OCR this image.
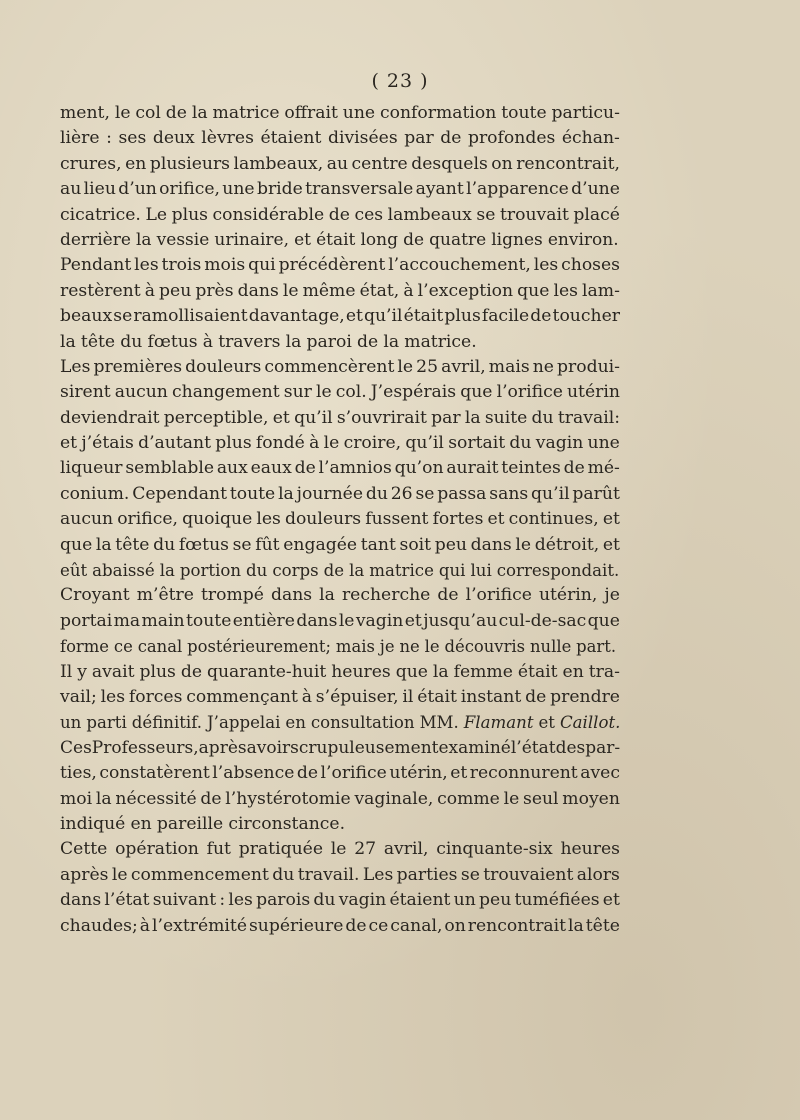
( 23 )
ment, le col de la matrice offrait une conformation toute particu-
lière : ses deux lèvres étaient divisées par de profondes échan-
crures, en plusieurs lambeaux, au centre desquels on rencontrait,
au lieu d’un orifice, une bride transversale ayant l’apparence d’une
cicatrice. Le plus considérable de ces lambeaux se trouvait placé
derrière la vessie urinaire, et était long de quatre lignes environ.
Pendant les trois mois qui précédèrent l’accouchement, les choses
restèrent à peu près dans le même état, à l’exception que les lam-
beaux se ramollisaient davantage, et qu’il était plus facile de toucher
la tête du fœtus à travers la paroi de la matrice.
Les premières douleurs commencèrent le 25 avril, mais ne produi-
sirent aucun changement sur le col. J’espérais que l’orifice utérin
deviendrait perceptible, et qu’il s’ouvrirait par la suite du travail:
et j’étais d’autant plus fondé à le croire, qu’il sortait du vagin une
liqueur semblable aux eaux de l’amnios qu’on aurait teintes de mé-
conium. Cependant toute la journée du 26 se passa sans qu’il parût
aucun orifice, quoique les douleurs fussent fortes et continues, et
que la tête du fœtus se fût engagée tant soit peu dans le détroit, et
eût abaissé la portion du corps de la matrice qui lui correspondait.
Croyant m’être trompé dans la recherche de l’orifice utérin, je
portai ma main toute entière dans le vagin et jusqu’au cul-de-sac que
forme ce canal postérieurement; mais je ne le découvris nulle part.
Il y avait plus de quarante-huit heures que la femme était en tra-
vail; les forces commençant à s’épuiser, il était instant de prendre
un parti définitif. J’appelai en consultation MM. Flamant et Caillot.
Ces Professeurs, après avoir scrupuleusement examiné l’état des par-
ties, constatèrent l’absence de l’orifice utérin, et reconnurent avec
moi la nécessité de l’hystérotomie vaginale, comme le seul moyen
indiqué en pareille circonstance.
Cette opération fut pratiquée le 27 avril, cinquante-six heures
après le commencement du travail. Les parties se trouvaient alors
dans l’état suivant : les parois du vagin étaient un peu tuméfiées et
chaudes; à l’extrémité supérieure de ce canal, on rencontrait la tête
